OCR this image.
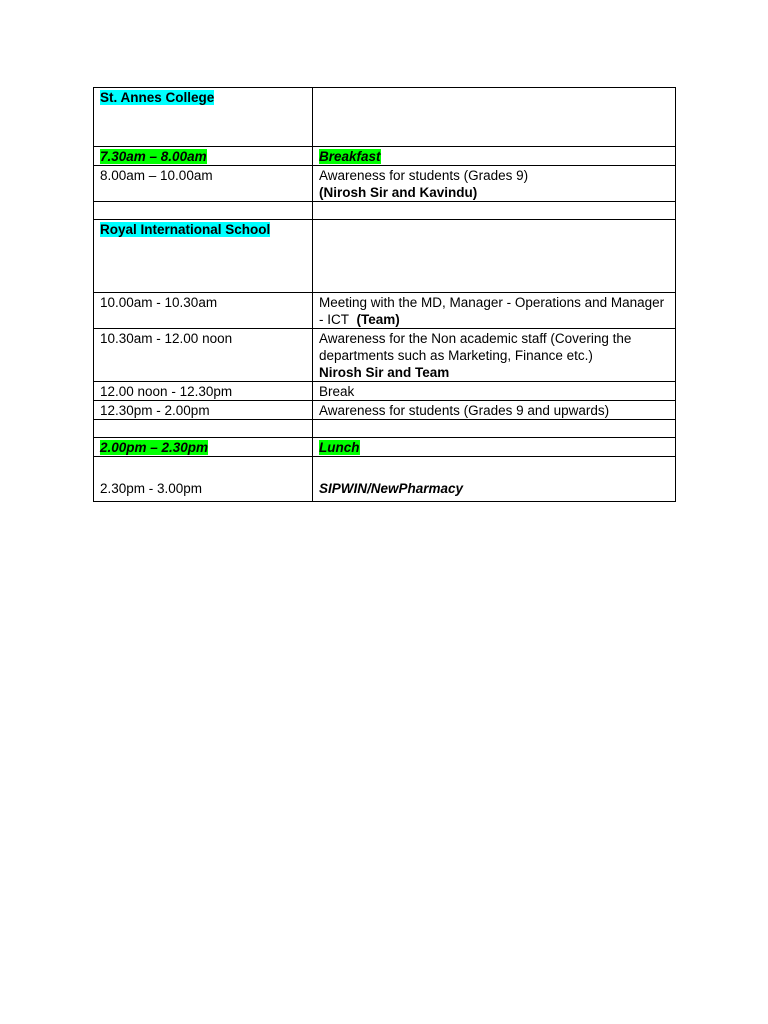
St. Annes College	
7.30am – 8.00am	Breakfast
8.00am – 10.00am	Awareness for students (Grades 9)
(Nirosh Sir and Kavindu)

Royal International School	
10.00am - 10.30am	Meeting with the MD, Manager - Operations and Manager - ICT (Team)
10.30am - 12.00 noon	Awareness for the Non academic staff (Covering the departments such as Marketing, Finance etc.)
Nirosh Sir and Team

12.00 noon - 12.30pm	Break
12.30pm - 2.00pm	Awareness for students (Grades 9 and upwards)

2.00pm – 2.30pm	Lunch
2.30pm - 3.00pm	SIPWIN/NewPharmacy
